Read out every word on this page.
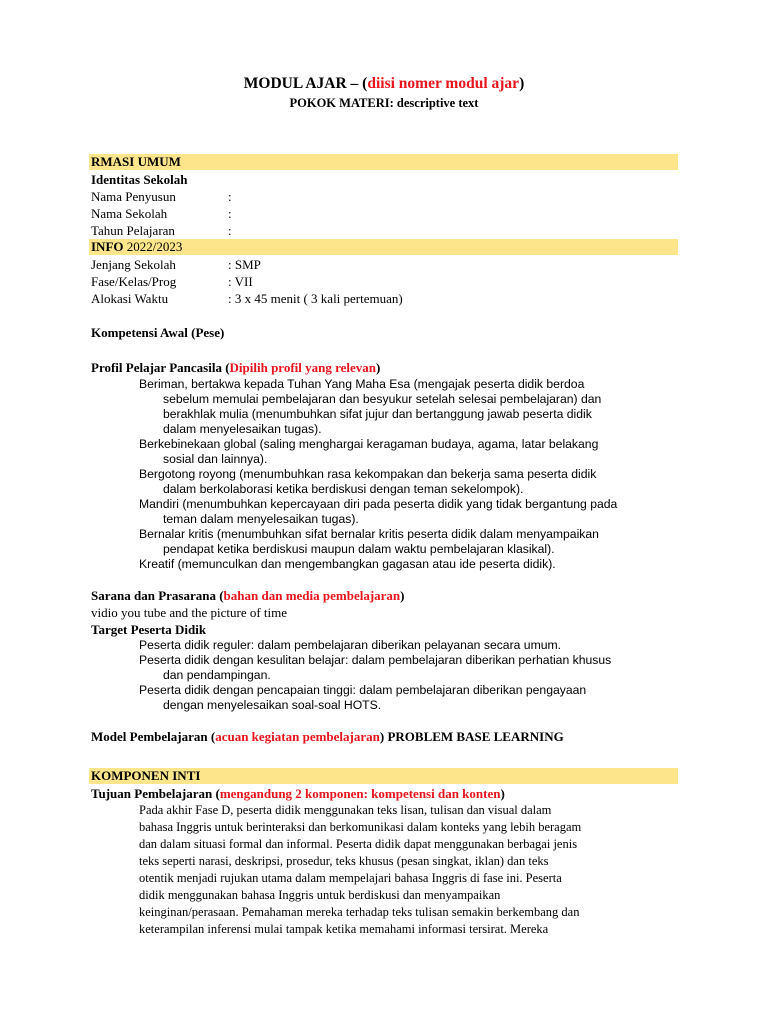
MODUL AJAR – (diisi nomer modul ajar)
POKOK MATERI: descriptive text
RMASI UMUM
Identitas Sekolah
Nama Penyusun	:
Nama Sekolah	:
Tahun Pelajaran	:
INFO 2022/2023
Jenjang Sekolah	: SMP
Fase/Kelas/Prog	: VII
Alokasi Waktu	: 3 x 45 menit ( 3 kali pertemuan)
Kompetensi Awal (Pese)
Profil Pelajar Pancasila (Dipilih profil yang relevan)
Beriman, bertakwa kepada Tuhan Yang Maha Esa (mengajak peserta didik berdoa
sebelum memulai pembelajaran dan besyukur setelah selesai pembelajaran) dan
berakhlak mulia (menumbuhkan sifat jujur dan bertanggung jawab peserta didik
dalam menyelesaikan tugas).
Berkebinekaan global (saling menghargai keragaman budaya, agama, latar belakang
sosial dan lainnya).
Bergotong royong (menumbuhkan rasa kekompakan dan bekerja sama peserta didik
dalam berkolaborasi ketika berdiskusi dengan teman sekelompok).
Mandiri (menumbuhkan kepercayaan diri pada peserta didik yang tidak bergantung pada
teman dalam menyelesaikan tugas).
Bernalar kritis (menumbuhkan sifat bernalar kritis peserta didik dalam menyampaikan
pendapat ketika berdiskusi maupun dalam waktu pembelajaran klasikal).
Kreatif (memunculkan dan mengembangkan gagasan atau ide peserta didik).
Sarana dan Prasarana (bahan dan media pembelajaran)
vidio you tube and the picture of time
Target Peserta Didik
Peserta didik reguler: dalam pembelajaran diberikan pelayanan secara umum.
Peserta didik dengan kesulitan belajar: dalam pembelajaran diberikan perhatian khusus
dan pendampingan.
Peserta didik dengan pencapaian tinggi: dalam pembelajaran diberikan pengayaan
dengan menyelesaikan soal-soal HOTS.
Model Pembelajaran (acuan kegiatan pembelajaran) PROBLEM BASE LEARNING
KOMPONEN INTI
Tujuan Pembelajaran (mengandung 2 komponen: kompetensi dan konten)
Pada akhir Fase D, peserta didik menggunakan teks lisan, tulisan dan visual dalam
bahasa Inggris untuk berinteraksi dan berkomunikasi dalam konteks yang lebih beragam
dan dalam situasi formal dan informal. Peserta didik dapat menggunakan berbagai jenis
teks seperti narasi, deskripsi, prosedur, teks khusus (pesan singkat, iklan) dan teks
otentik menjadi rujukan utama dalam mempelajari bahasa Inggris di fase ini. Peserta
didik menggunakan bahasa Inggris untuk berdiskusi dan menyampaikan
keinginan/perasaan. Pemahaman mereka terhadap teks tulisan semakin berkembang dan
keterampilan inferensi mulai tampak ketika memahami informasi tersirat. Mereka
